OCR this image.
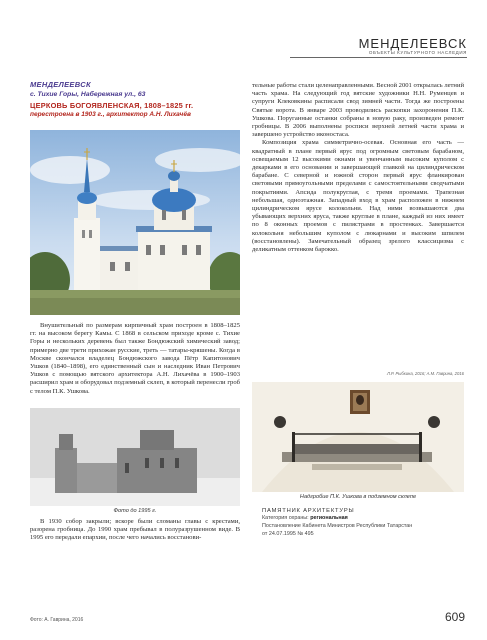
МЕНДЕЛЕЕВСК
ОБЪЕКТЫ КУЛЬТУРНОГО НАСЛЕДИЯ
МЕНДЕЛЕЕВСК
с. Тихие Горы, Набережная ул., 63
ЦЕРКОВЬ БОГОЯВЛЕНСКАЯ, 1808–1825 гг.
перестроена в 1903 г., архитектор А.Н. Лихачёв

Внушительный по размерам кирпичный храм построен в 1808–1825 гг. на высоком берегу Камы. С 1868 в сельском приходе кроме с. Тихие Горы и нескольких деревень был также Бондюжский химический завод; примерно две трети прихожан русские, треть — татары-кряшены. Когда в Москве скончался владелец Бондюжского завода Пётр Капитонович Ушков (1840–1898), его единственный сын и наследник Иван Петрович Ушков с помощью вятского архитектора А.Н. Лихачёва в 1900–1903 расширил храм и оборудовал подземный склеп, в который перенесли гроб с телом П.К. Ушкова.

Фото до 1995 г.

В 1930 собор закрыли; вскоре были сломаны главы с крестами, разорена гробница. До 1990 храм пребывал в полуразрушенном виде. В 1995 его передали епархии, после чего начались восстанови-

тельные работы стали целенаправленными. Весной 2001 открылась летний часть храма. На следующий год вятские художники Н.Н. Руменцев и супруги Клековкины расписали свод зимней части. Тогда же построены Святые ворота. В январе 2003 проводились раскопки захоронения П.К. Ушкова. Поруганные останки собраны в новую раку, произведен ремонт гробницы. В 2006 выполнены росписи верхней летней части храма и завершено устройство иконостаса.

Композиция храма симметрично-осевая. Основная его часть — квадратный в плане первый ярус под огромным световым барабаном, освещаемым 12 высокими окнами и увенчанным высоким куполом с декарками в его основании и завершающей главкой на цилиндрическом барабане. С северной и южной сторон первый ярус фланкирован световыми прямоугольными пределами с самостоятельными сводчатыми покрытиями. Апсида полукруглая, с тремя проемами. Трапезная небольшая, одноэтажная. Западный вход в храм расположен в нижнем цилиндрическом ярусе колокольни. Над ними возвышаются два убывающих верхних яруса, также круглые в плане, каждый из них имеет по 8 оконных проемов с пилястрами в простенках. Завершается колокольня небольшим куполом с люкарнами и высоким шпилем (восстановлены). Замечательный образец зрелого классицизма с деликатным оттенком барокко.

Л.Р. Рыбкина, 2016; А.М. Гаврина, 2016
Надгробие П.К. Ушкова в подземном склепе
ПАМЯТНИК АРХИТЕКТУРЫ
Категория охраны: региональная
Постановление Кабинета Министров Республики Татарстан
от 24.07.1995 № 495
Фото: А. Гаврина, 2016	609
